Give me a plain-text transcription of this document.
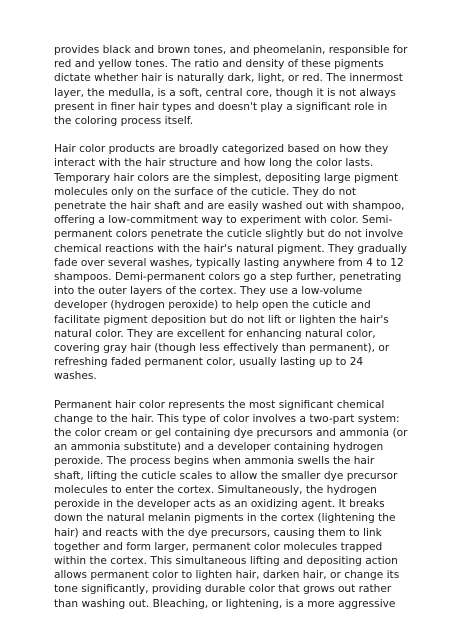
provides black and brown tones, and pheomelanin, responsible for
red and yellow tones. The ratio and density of these pigments
dictate whether hair is naturally dark, light, or red. The innermost
layer, the medulla, is a soft, central core, though it is not always
present in finer hair types and doesn't play a significant role in
the coloring process itself.

Hair color products are broadly categorized based on how they
interact with the hair structure and how long the color lasts.
Temporary hair colors are the simplest, depositing large pigment
molecules only on the surface of the cuticle. They do not
penetrate the hair shaft and are easily washed out with shampoo,
offering a low-commitment way to experiment with color. Semi-
permanent colors penetrate the cuticle slightly but do not involve
chemical reactions with the hair's natural pigment. They gradually
fade over several washes, typically lasting anywhere from 4 to 12
shampoos. Demi-permanent colors go a step further, penetrating
into the outer layers of the cortex. They use a low-volume
developer (hydrogen peroxide) to help open the cuticle and
facilitate pigment deposition but do not lift or lighten the hair's
natural color. They are excellent for enhancing natural color,
covering gray hair (though less effectively than permanent), or
refreshing faded permanent color, usually lasting up to 24
washes.

Permanent hair color represents the most significant chemical
change to the hair. This type of color involves a two-part system:
the color cream or gel containing dye precursors and ammonia (or
an ammonia substitute) and a developer containing hydrogen
peroxide. The process begins when ammonia swells the hair
shaft, lifting the cuticle scales to allow the smaller dye precursor
molecules to enter the cortex. Simultaneously, the hydrogen
peroxide in the developer acts as an oxidizing agent. It breaks
down the natural melanin pigments in the cortex (lightening the
hair) and reacts with the dye precursors, causing them to link
together and form larger, permanent color molecules trapped
within the cortex. This simultaneous lifting and depositing action
allows permanent color to lighten hair, darken hair, or change its
tone significantly, providing durable color that grows out rather
than washing out. Bleaching, or lightening, is a more aggressive
